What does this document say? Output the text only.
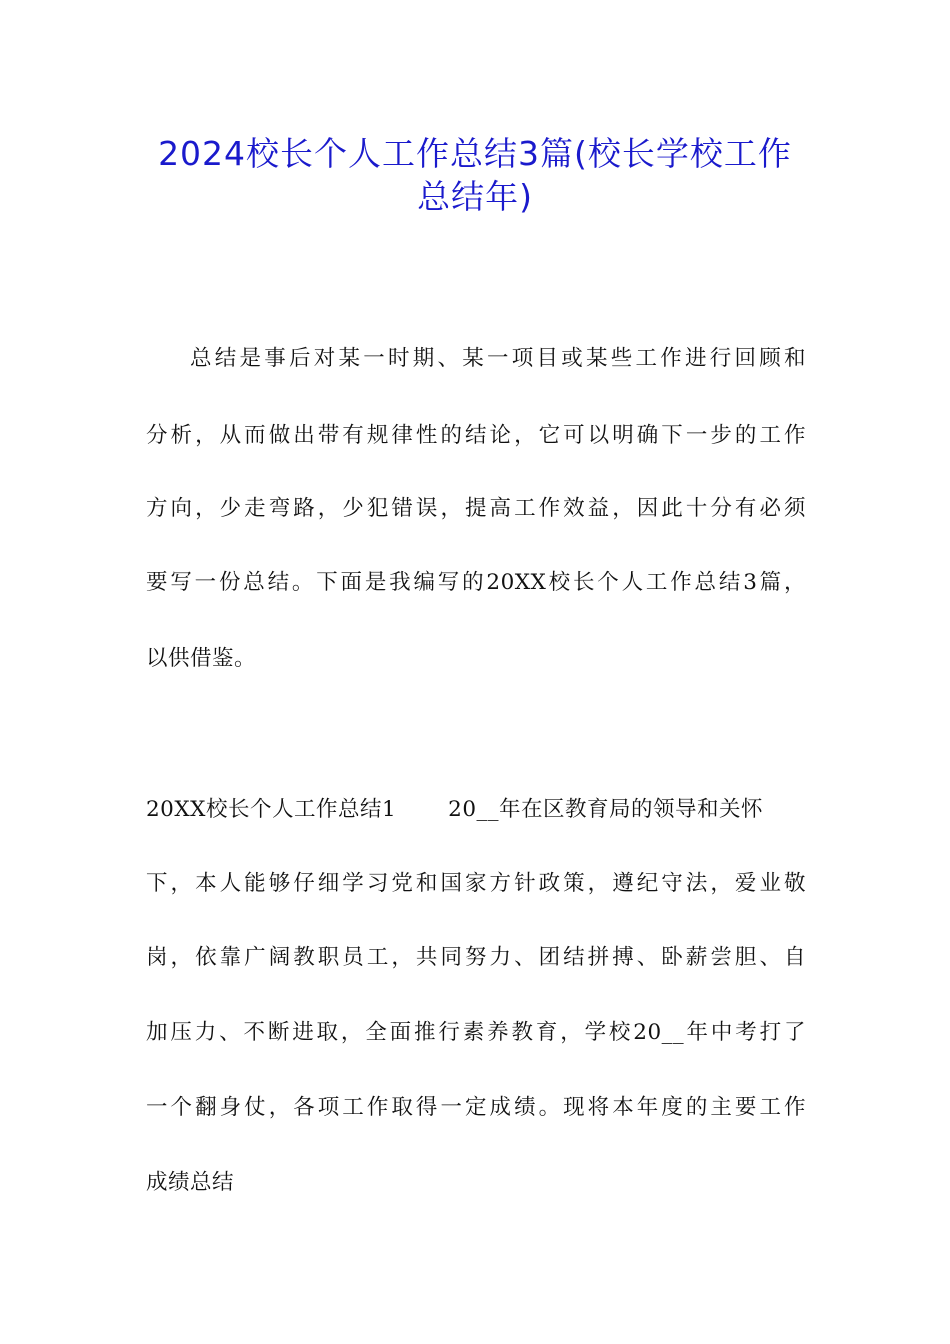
2024校长个人工作总结3篇(校长学校工作
总结年)
总结是事后对某一时期、某一项目或某些工作进行回顾和
分析，从而做出带有规律性的结论，它可以明确下一步的工作
方向，少走弯路，少犯错误，提高工作效益，因此十分有必须
要写一份总结。下面是我编写的20XX校长个人工作总结3篇，
以供借鉴。
20XX校长个人工作总结1 20__年在区教育局的领导和关怀
下，本人能够仔细学习党和国家方针政策，遵纪守法，爱业敬
岗，依靠广阔教职员工，共同努力、团结拼搏、卧薪尝胆、自
加压力、不断进取，全面推行素养教育，学校20__年中考打了
一个翻身仗，各项工作取得一定成绩。现将本年度的主要工作
成绩总结
